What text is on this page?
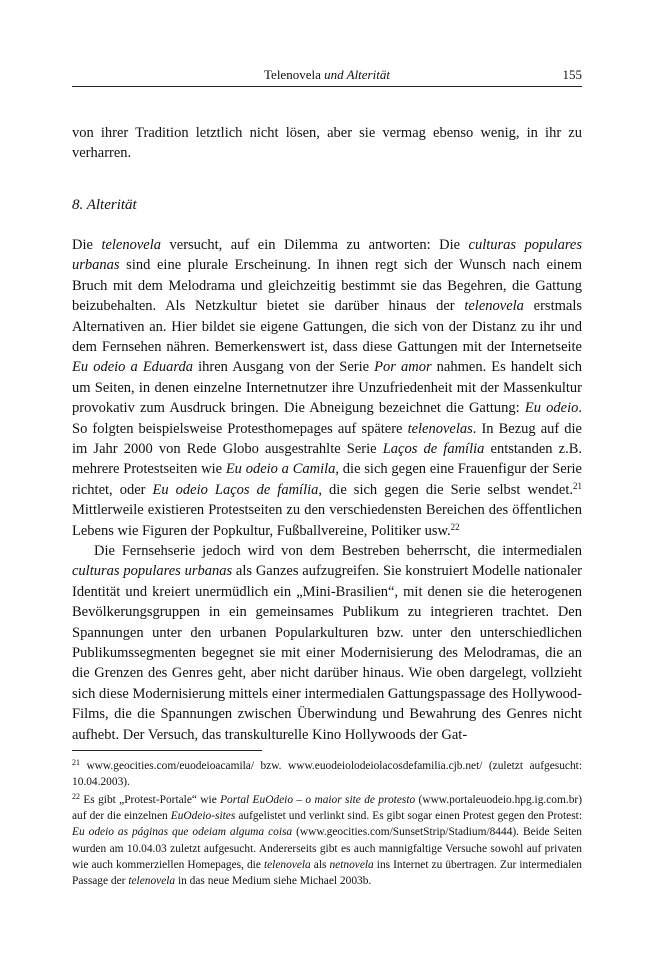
Telenovela und Alterität	155

von ihrer Tradition letztlich nicht lösen, aber sie vermag ebenso wenig, in ihr zu verharren.

8. Alterität

Die telenovela versucht, auf ein Dilemma zu antworten: Die culturas populares urbanas sind eine plurale Erscheinung. In ihnen regt sich der Wunsch nach einem Bruch mit dem Melodrama und gleichzeitig bestimmt sie das Begehren, die Gattung beizubehalten. Als Netzkultur bietet sie darüber hinaus der telenovela erstmals Alternativen an. Hier bildet sie eigene Gattungen, die sich von der Distanz zu ihr und dem Fernsehen nähren. Bemerkenswert ist, dass diese Gattungen mit der Internetseite Eu odeio a Eduarda ihren Ausgang von der Serie Por amor nahmen. Es handelt sich um Seiten, in denen einzelne Internetnutzer ihre Unzufriedenheit mit der Massenkultur provokativ zum Ausdruck bringen. Die Abneigung bezeichnet die Gattung: Eu odeio. So folgten beispielsweise Protesthomepages auf spätere telenovelas. In Bezug auf die im Jahr 2000 von Rede Globo ausgestrahlte Serie Laços de família entstanden z.B. mehrere Protestseiten wie Eu odeio a Camila, die sich gegen eine Frauenfigur der Serie richtet, oder Eu odeio Laços de família, die sich gegen die Serie selbst wendet.$^{21}$ Mittlerweile existieren Protestseiten zu den verschiedensten Bereichen des öffentlichen Lebens wie Figuren der Popkultur, Fußballvereine, Politiker usw.$^{22}$

Die Fernsehserie jedoch wird von dem Bestreben beherrscht, die intermedialen culturas populares urbanas als Ganzes aufzugreifen. Sie konstruiert Modelle nationaler Identität und kreiert unermüdlich ein „Mini-Brasilien“, mit denen sie die heterogenen Bevölkerungsgruppen in ein gemeinsames Publikum zu integrieren trachtet. Den Spannungen unter den urbanen Popularkulturen bzw. unter den unterschiedlichen Publikumssegmenten begegnet sie mit einer Modernisierung des Melodramas, die an die Grenzen des Genres geht, aber nicht darüber hinaus. Wie oben dargelegt, vollzieht sich diese Modernisierung mittels einer intermedialen Gattungspassage des Hollywood-Films, die die Spannungen zwischen Überwindung und Bewahrung des Genres nicht aufhebt. Der Versuch, das transkulturelle Kino Hollywoods der Gat-

$^{21}$ www.geocities.com/euodeioacamila/ bzw. www.euodeiolodeiolacosdefamilia.cjb.net/ (zuletzt aufgesucht: 10.04.2003).

$^{22}$ Es gibt „Protest-Portale“ wie Portal EuOdeio – o maior site de protesto (www.portaleuodeio.hpg.ig.com.br) auf der die einzelnen EuOdeio-sites aufgelistet und verlinkt sind. Es gibt sogar einen Protest gegen den Protest: Eu odeio as páginas que odeiam alguma coisa (www.geocities.com/SunsetStrip/Stadium/8444). Beide Seiten wurden am 10.04.03 zuletzt aufgesucht. Andererseits gibt es auch mannigfaltige Versuche sowohl auf privaten wie auch kommerziellen Homepages, die telenovela als netnovela ins Internet zu übertragen. Zur intermedialen Passage der telenovela in das neue Medium siehe Michael 2003b.
